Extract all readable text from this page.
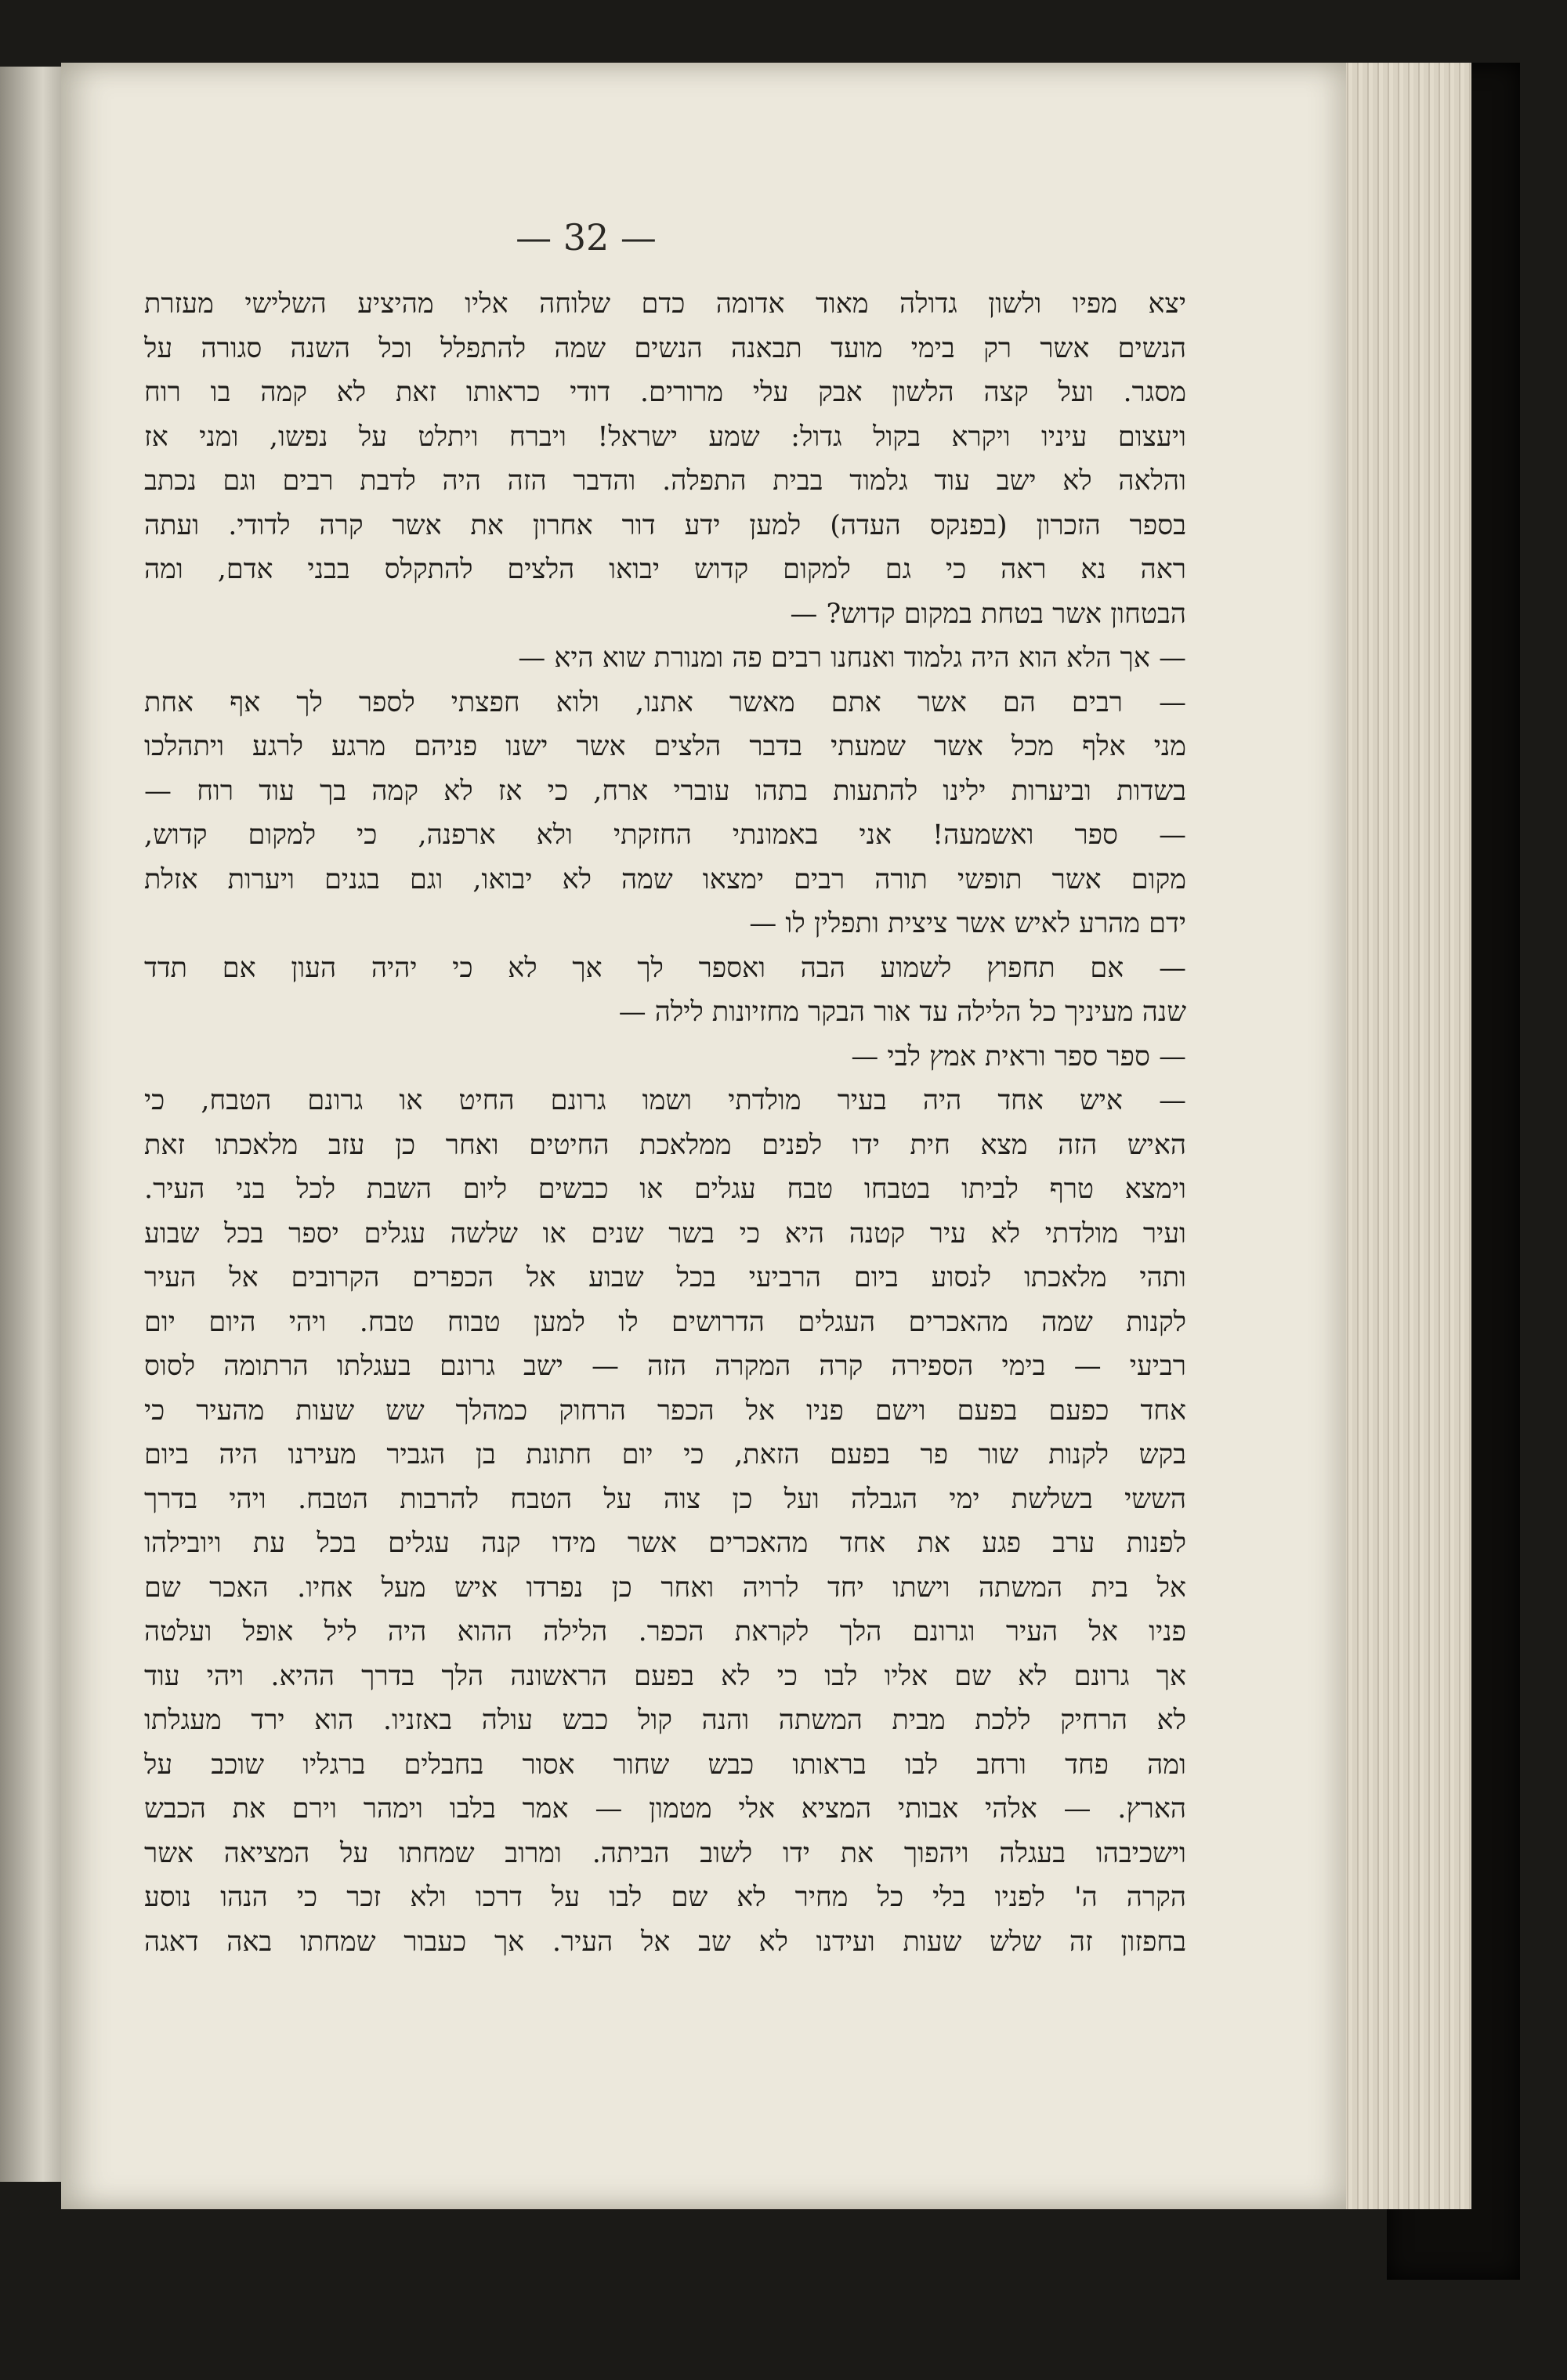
— 32 —
יצא מפיו ולשון גדולה מאוד אדומה כדם שלוחה אליו מהיציע השלישי מעזרת
הנשים אשר רק בימי מועד תבאנה הנשים שמה להתפלל וכל השנה סגורה על
מסגר. ועל קצה הלשון אבק עלי מרורים. דודי כראותו זאת לא קמה בו רוח
ויעצום עיניו ויקרא בקול גדול: שמע ישראל! ויברח ויתלט על נפשו, ומני אז
והלאה לא ישב עוד גלמוד בבית התפלה. והדבר הזה היה לדבת רבים וגם נכתב
בספר הזכרון (בפנקס העדה) למען ידע דור אחרון את אשר קרה לדודי. ועתה
ראה נא ראה כי גם למקום קדוש יבואו הלצים להתקלס בבני אדם, ומה
הבטחון אשר בטחת במקום קדוש? —
— אך הלא הוא היה גלמוד ואנחנו רבים פה ומנורת שוא היא —
— רבים הם אשר אתם מאשר אתנו, ולוא חפצתי לספר לך אף אחת
מני אלף מכל אשר שמעתי בדבר הלצים אשר ישנו פניהם מרגע לרגע ויתהלכו
בשדות וביערות ילינו להתעות בתהו עוברי ארח, כי אז לא קמה בך עוד רוח —
— ספר ואשמעה! אני באמונתי החזקתי ולא ארפנה, כי למקום קדוש,
מקום אשר תופשי תורה רבים ימצאו שמה לא יבואו, וגם בגנים ויערות אזלת
ידם מהרע לאיש אשר ציצית ותפלין לו —
— אם תחפוץ לשמוע הבה ואספר לך אך לא כי יהיה העון אם תדד
שנה מעיניך כל הלילה עד אור הבקר מחזיונות לילה —
— ספר ספר וראית אמץ לבי —
— איש אחד היה בעיר מולדתי ושמו גרונם החיט או גרונם הטבח, כי
האיש הזה מצא חית ידו לפנים ממלאכת החיטים ואחר כן עזב מלאכתו זאת
וימצא טרף לביתו בטבחו טבח עגלים או כבשים ליום השבת לכל בני העיר.
ועיר מולדתי לא עיר קטנה היא כי בשר שנים או שלשה עגלים יספר בכל שבוע
ותהי מלאכתו לנסוע ביום הרביעי בכל שבוע אל הכפרים הקרובים אל העיר
לקנות שמה מהאכרים העגלים הדרושים לו למען טבוח טבח. ויהי היום יום
רביעי — בימי הספירה קרה המקרה הזה — ישב גרונם בעגלתו הרתומה לסוס
אחד כפעם בפעם וישם פניו אל הכפר הרחוק כמהלך שש שעות מהעיר כי
בקש לקנות שור פר בפעם הזאת, כי יום חתונת בן הגביר מעירנו היה ביום
הששי בשלשת ימי הגבלה ועל כן צוה על הטבח להרבות הטבח. ויהי בדרך
לפנות ערב פגע את אחד מהאכרים אשר מידו קנה עגלים בכל עת ויובילהו
אל בית המשתה וישתו יחד לרויה ואחר כן נפרדו איש מעל אחיו. האכר שם
פניו אל העיר וגרונם הלך לקראת הכפר. הלילה ההוא היה ליל אופל ועלטה
אך גרונם לא שם אליו לבו כי לא בפעם הראשונה הלך בדרך ההיא. ויהי עוד
לא הרחיק ללכת מבית המשתה והנה קול כבש עולה באזניו. הוא ירד מעגלתו
ומה פחד ורחב לבו בראותו כבש שחור אסור בחבלים ברגליו שוכב על
הארץ. — אלהי אבותי המציא אלי מטמון — אמר בלבו וימהר וירם את הכבש
וישכיבהו בעגלה ויהפוך את ידו לשוב הביתה. ומרוב שמחתו על המציאה אשר
הקרה ה' לפניו בלי כל מחיר לא שם לבו על דרכו ולא זכר כי הנהו נוסע
בחפזון זה שלש שעות ועידנו לא שב אל העיר. אך כעבור שמחתו באה דאגה
